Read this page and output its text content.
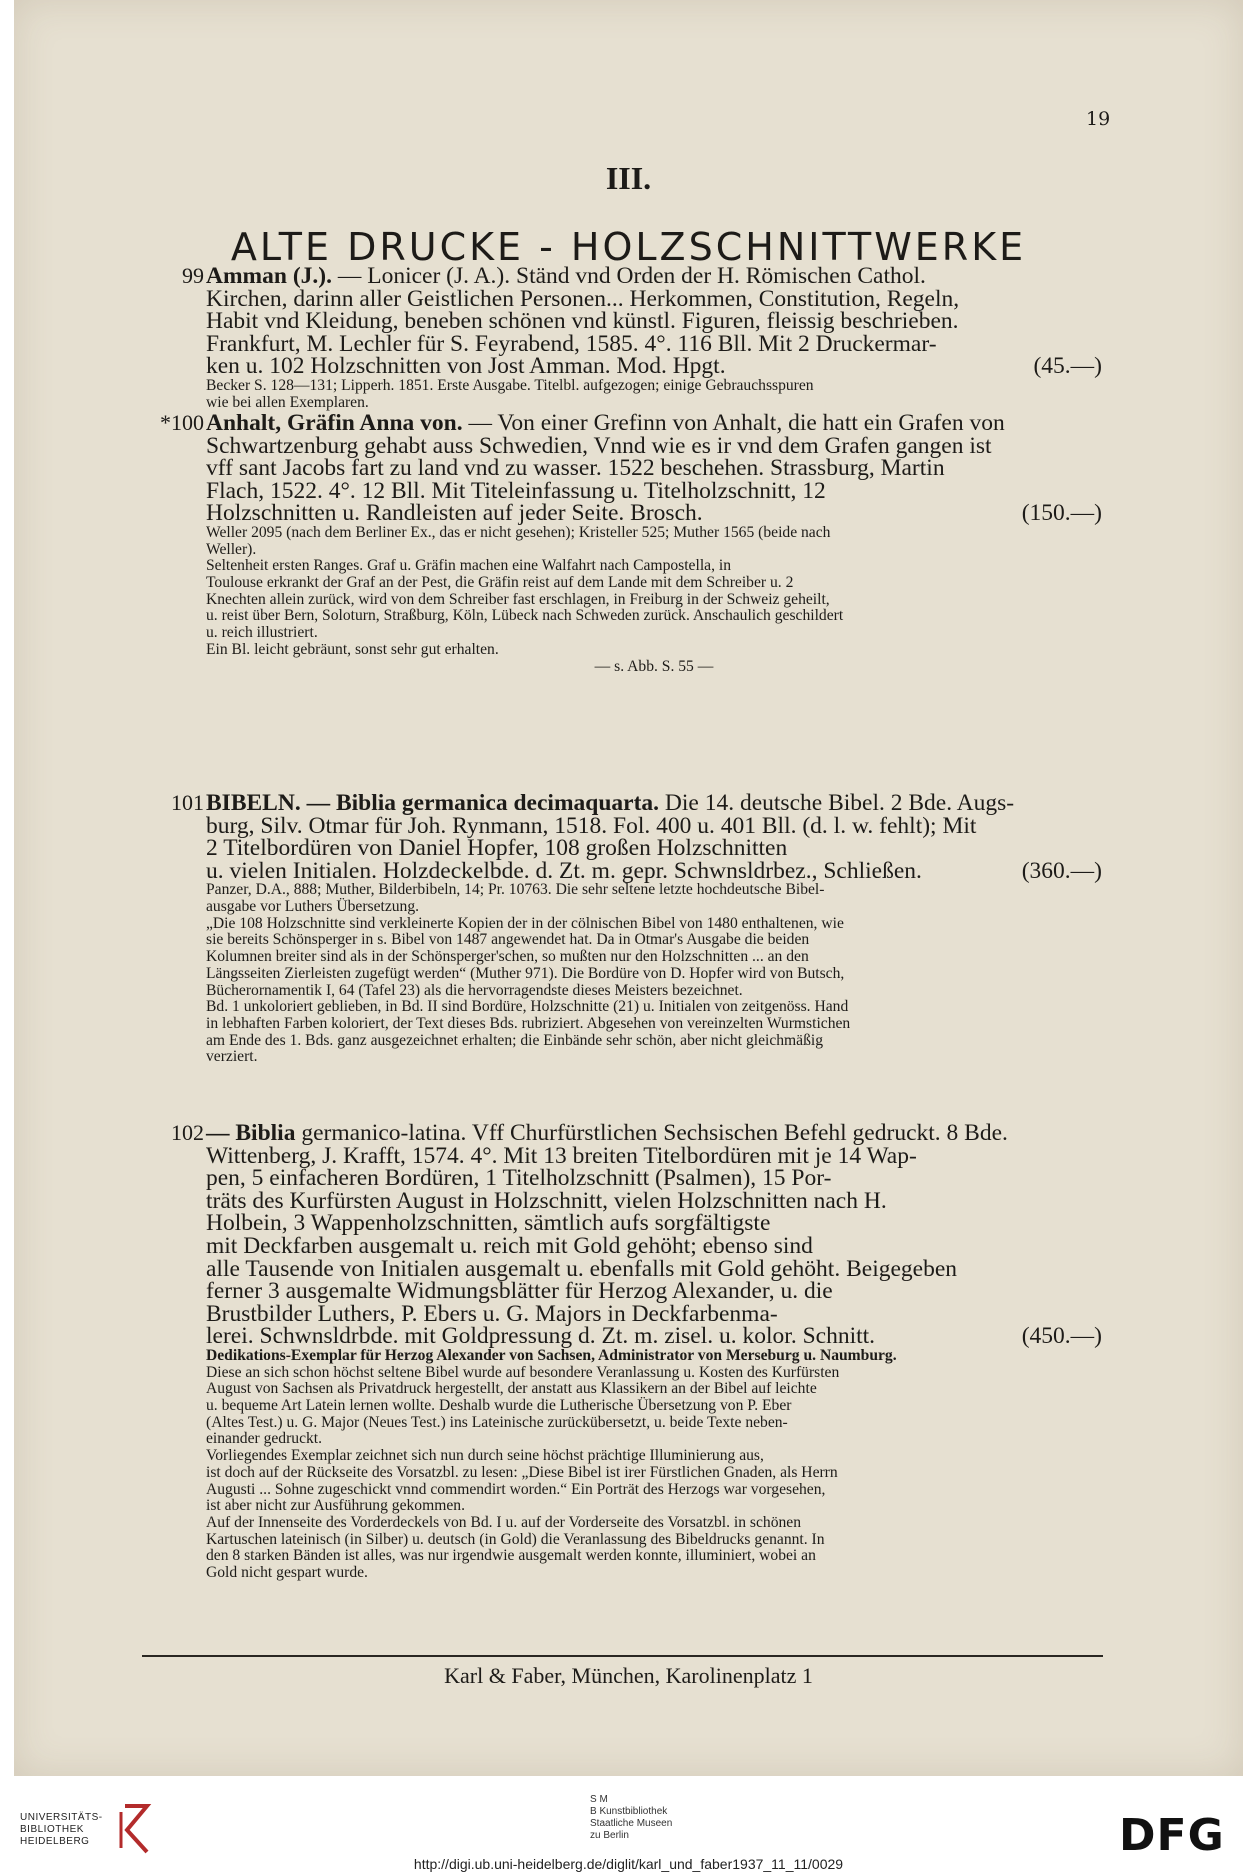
19
III.
ALTE DRUCKE - HOLZSCHNITTWERKE
99 Amman (J.). — Lonicer (J. A.). Ständ vnd Orden der H. Römischen Cathol.
Kirchen, darinn aller Geistlichen Personen... Herkommen, Constitution, Regeln,
Habit vnd Kleidung, beneben schönen vnd künstl. Figuren, fleissig beschrieben.
Frankfurt, M. Lechler für S. Feyrabend, 1585. 4°. 116 Bll. Mit 2 Druckermar-
ken u. 102 Holzschnitten von Jost Amman. Mod. Hpgt.	(45.—)
Becker S. 128—131; Lipperh. 1851. Erste Ausgabe. Titelbl. aufgezogen; einige Gebrauchsspuren
wie bei allen Exemplaren.
*100 Anhalt, Gräfin Anna von. — Von einer Grefinn von Anhalt, die hatt ein Grafen von
Schwartzenburg gehabt auss Schwedien, Vnnd wie es ir vnd dem Grafen gangen ist
vff sant Jacobs fart zu land vnd zu wasser. 1522 beschehen. Strassburg, Martin
Flach, 1522. 4°. 12 Bll. Mit Titeleinfassung u. Titelholzschnitt, 12
Holzschnitten u. Randleisten auf jeder Seite. Brosch.	(150.—)
Weller 2095 (nach dem Berliner Ex., das er nicht gesehen); Kristeller 525; Muther 1565 (beide nach
Weller).
Seltenheit ersten Ranges. Graf u. Gräfin machen eine Walfahrt nach Campostella, in
Toulouse erkrankt der Graf an der Pest, die Gräfin reist auf dem Lande mit dem Schreiber u. 2
Knechten allein zurück, wird von dem Schreiber fast erschlagen, in Freiburg in der Schweiz geheilt,
u. reist über Bern, Soloturn, Straßburg, Köln, Lübeck nach Schweden zurück. Anschaulich geschildert
u. reich illustriert.
Ein Bl. leicht gebräunt, sonst sehr gut erhalten.
— s. Abb. S. 55 —
101 BIBELN. — Biblia germanica decimaquarta. Die 14. deutsche Bibel. 2 Bde. Augs-
burg, Silv. Otmar für Joh. Rynmann, 1518. Fol. 400 u. 401 Bll. (d. l. w. fehlt); Mit
2 Titelbordüren von Daniel Hopfer, 108 großen Holzschnitten
u. vielen Initialen. Holzdeckelbde. d. Zt. m. gepr. Schwnsldrbez., Schließen.	(360.—)
Panzer, D.A., 888; Muther, Bilderbibeln, 14; Pr. 10763. Die sehr seltene letzte hochdeutsche Bibel-
ausgabe vor Luthers Übersetzung.
„Die 108 Holzschnitte sind verkleinerte Kopien der in der cölnischen Bibel von 1480 enthaltenen, wie
sie bereits Schönsperger in s. Bibel von 1487 angewendet hat. Da in Otmar's Ausgabe die beiden
Kolumnen breiter sind als in der Schönsperger'schen, so mußten nur den Holzschnitten ... an den
Längsseiten Zierleisten zugefügt werden“ (Muther 971). Die Bordüre von D. Hopfer wird von Butsch,
Bücherornamentik I, 64 (Tafel 23) als die hervorragendste dieses Meisters bezeichnet.
Bd. 1 unkoloriert geblieben, in Bd. II sind Bordüre, Holzschnitte (21) u. Initialen von zeitgenöss. Hand
in lebhaften Farben koloriert, der Text dieses Bds. rubriziert. Abgesehen von vereinzelten Wurmstichen
am Ende des 1. Bds. ganz ausgezeichnet erhalten; die Einbände sehr schön, aber nicht gleichmäßig
verziert.
102 — Biblia germanico-latina. Vff Churfürstlichen Sechsischen Befehl gedruckt. 8 Bde.
Wittenberg, J. Krafft, 1574. 4°. Mit 13 breiten Titelbordüren mit je 14 Wap-
pen, 5 einfacheren Bordüren, 1 Titelholzschnitt (Psalmen), 15 Por-
träts des Kurfürsten August in Holzschnitt, vielen Holzschnitten nach H.
Holbein, 3 Wappenholzschnitten, sämtlich aufs sorgfältigste
mit Deckfarben ausgemalt u. reich mit Gold gehöht; ebenso sind
alle Tausende von Initialen ausgemalt u. ebenfalls mit Gold gehöht. Beigegeben
ferner 3 ausgemalte Widmungsblätter für Herzog Alexander, u. die
Brustbilder Luthers, P. Ebers u. G. Majors in Deckfarbenma-
lerei. Schwnsldrbde. mit Goldpressung d. Zt. m. zisel. u. kolor. Schnitt.	(450.—)
Dedikations-Exemplar für Herzog Alexander von Sachsen, Administrator von Merseburg u. Naumburg.
Diese an sich schon höchst seltene Bibel wurde auf besondere Veranlassung u. Kosten des Kurfürsten
August von Sachsen als Privatdruck hergestellt, der anstatt aus Klassikern an der Bibel auf leichte
u. bequeme Art Latein lernen wollte. Deshalb wurde die Lutherische Übersetzung von P. Eber
(Altes Test.) u. G. Major (Neues Test.) ins Lateinische zurückübersetzt, u. beide Texte neben-
einander gedruckt.
Vorliegendes Exemplar zeichnet sich nun durch seine höchst prächtige Illuminierung aus,
ist doch auf der Rückseite des Vorsatzbl. zu lesen: „Diese Bibel ist irer Fürstlichen Gnaden, als Herrn
Augusti ... Sohne zugeschickt vnnd commendirt worden.“ Ein Porträt des Herzogs war vorgesehen,
ist aber nicht zur Ausführung gekommen.
Auf der Innenseite des Vorderdeckels von Bd. I u. auf der Vorderseite des Vorsatzbl. in schönen
Kartuschen lateinisch (in Silber) u. deutsch (in Gold) die Veranlassung des Bibeldrucks genannt. In
den 8 starken Bänden ist alles, was nur irgendwie ausgemalt werden konnte, illuminiert, wobei an
Gold nicht gespart wurde.
Karl & Faber, München, Karolinenplatz 1
UNIVERSITÄTS-
BIBLIOTHEK
HEIDELBERG
S M
B Kunstbibliothek
Staatliche Museen
zu Berlin	DFG
http://digi.ub.uni-heidelberg.de/diglit/karl_und_faber1937_11_11/0029
